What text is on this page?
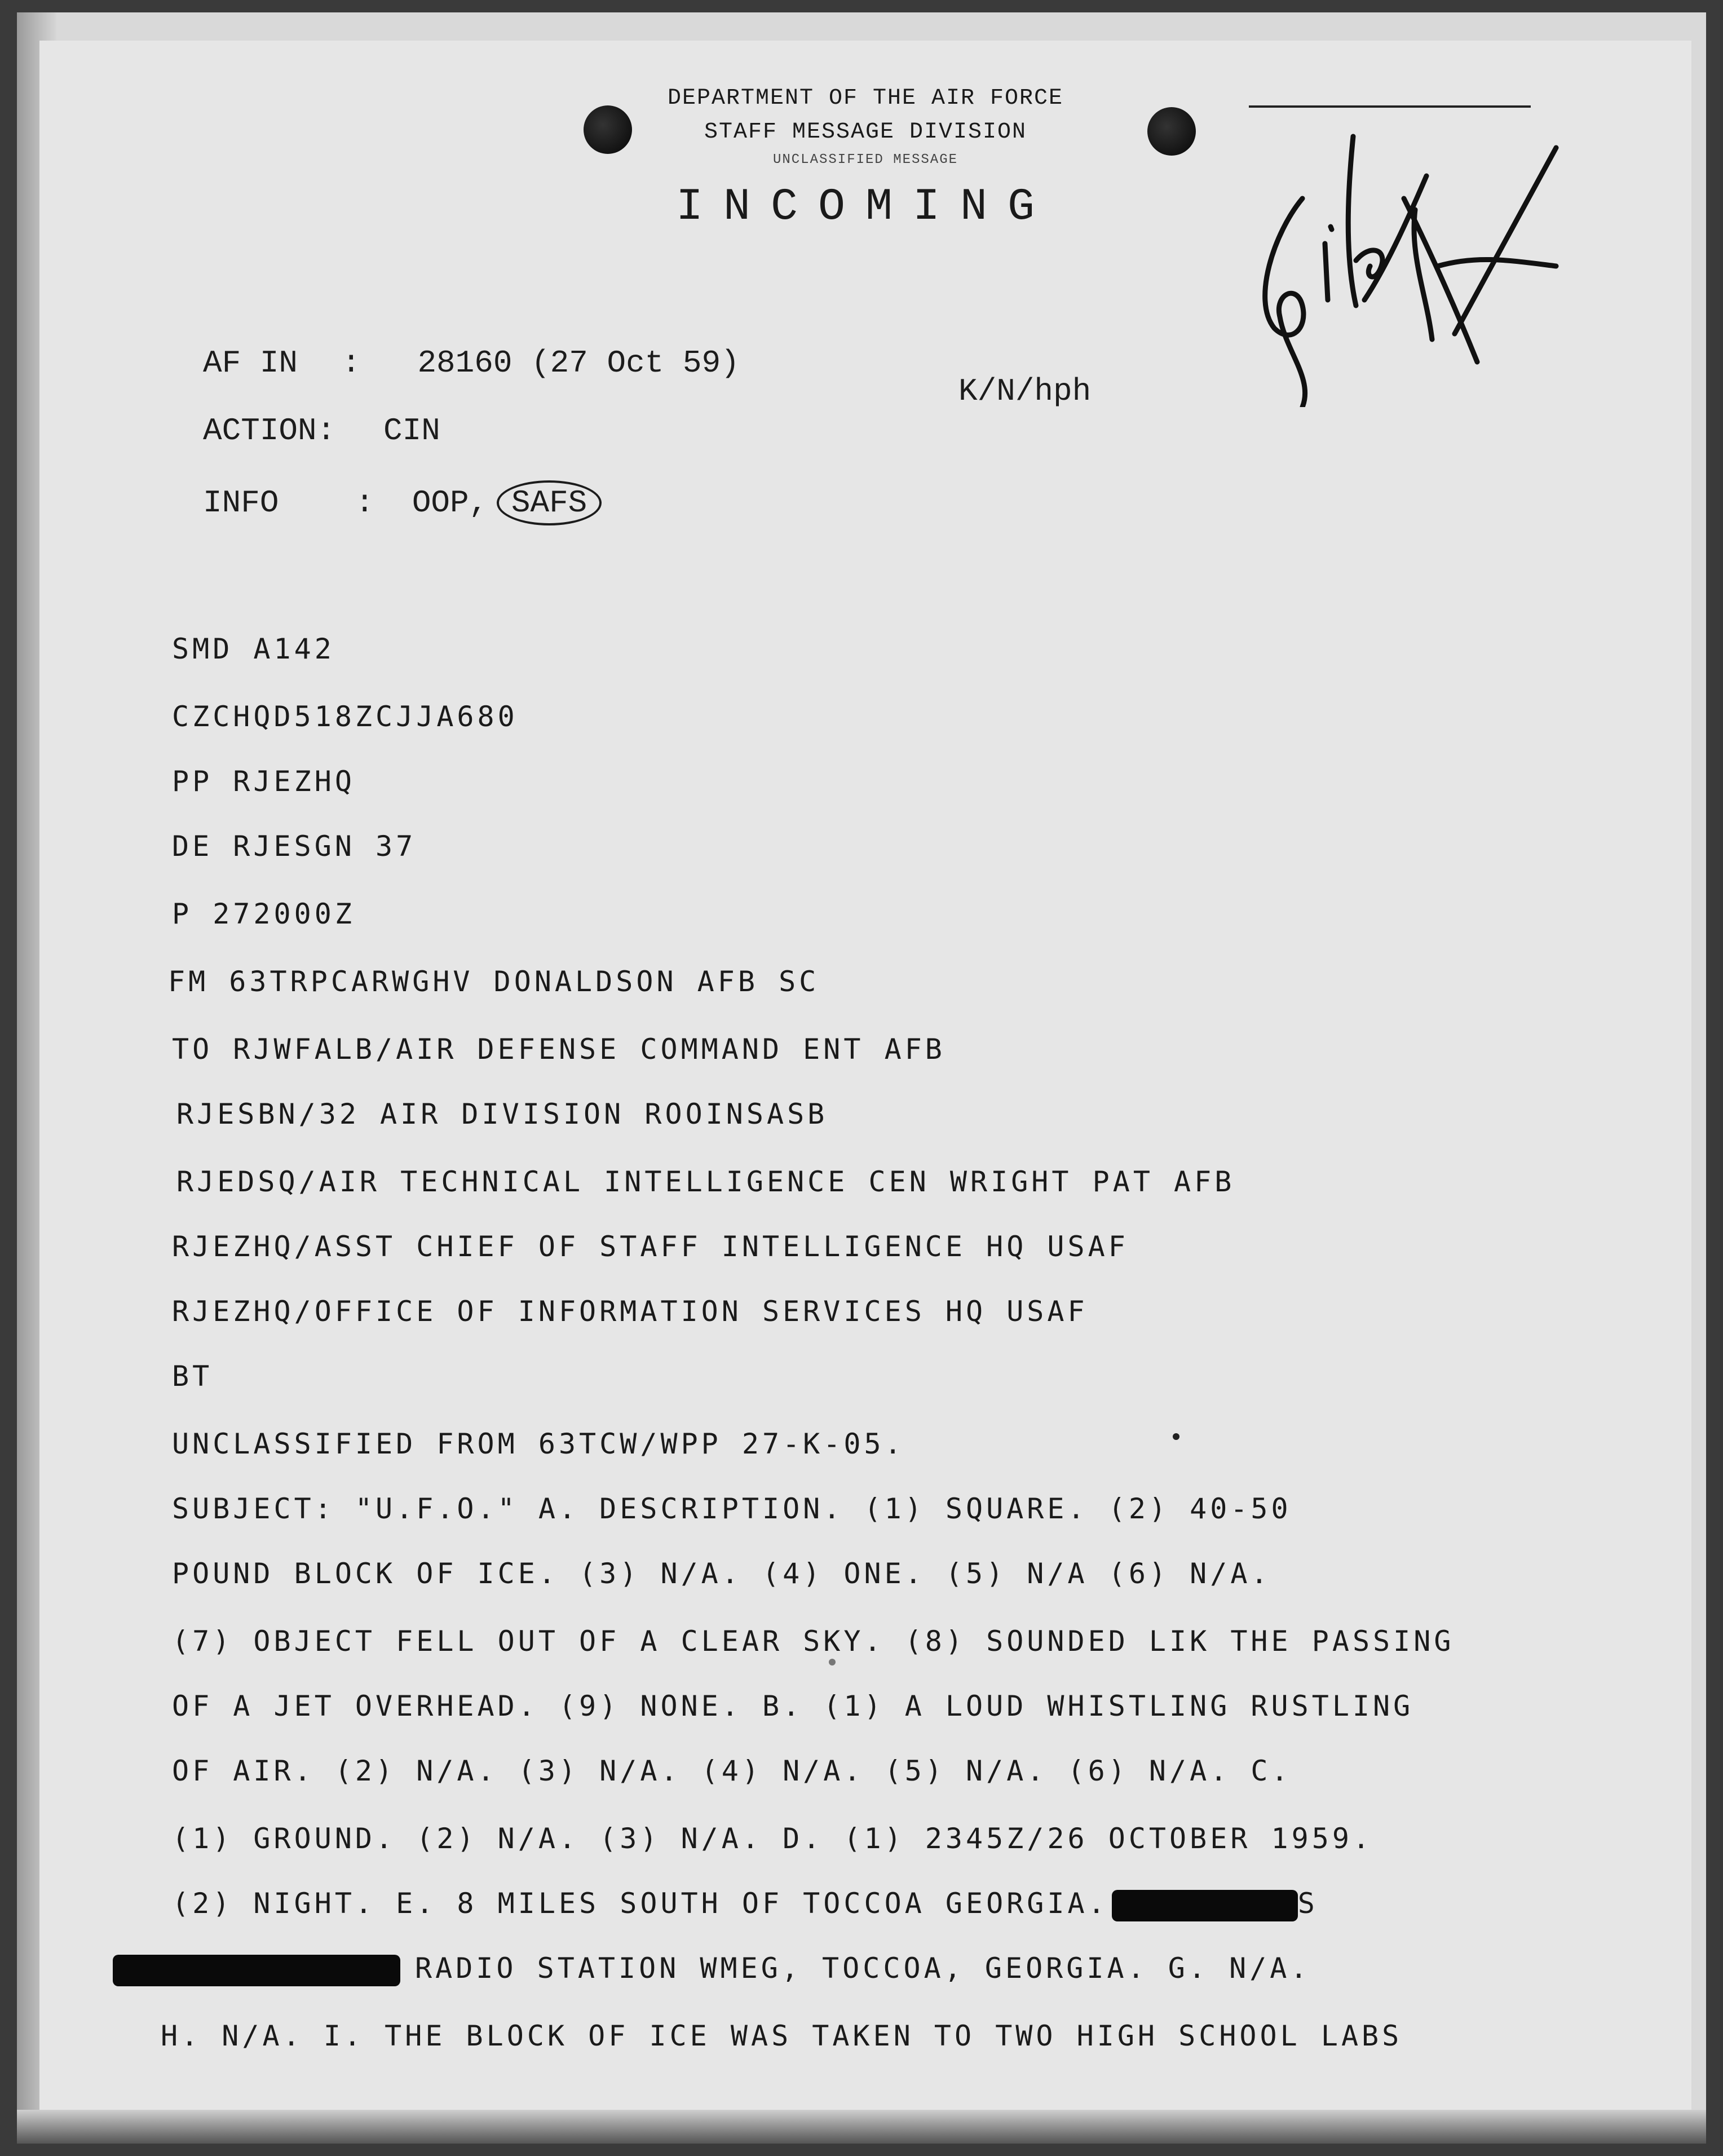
DEPARTMENT OF THE AIR FORCE
STAFF MESSAGE DIVISION
UNCLASSIFIED MESSAGE
INCOMING
AF IN : 28160 (27 Oct 59)
K/N/hph
ACTION: CIN
INFO : OOP, SAFS
SMD A142
CZCHQD518ZCJJA680
PP RJEZHQ
DE RJESGN 37
P 272000Z
FM 63TRPCARWGHV DONALDSON AFB SC
TO RJWFALB/AIR DEFENSE COMMAND ENT AFB
RJESBN/32 AIR DIVISION ROOINSASB
RJEDSQ/AIR TECHNICAL INTELLIGENCE CEN WRIGHT PAT AFB
RJEZHQ/ASST CHIEF OF STAFF INTELLIGENCE HQ USAF
RJEZHQ/OFFICE OF INFORMATION SERVICES HQ USAF
BT
UNCLASSIFIED FROM 63TCW/WPP 27-K-05.
SUBJECT: "U.F.O." A. DESCRIPTION. (1) SQUARE. (2) 40-50
POUND BLOCK OF ICE. (3) N/A. (4) ONE. (5) N/A (6) N/A.
(7) OBJECT FELL OUT OF A CLEAR SKY. (8) SOUNDED LIK THE PASSING
OF A JET OVERHEAD. (9) NONE. B. (1) A LOUD WHISTLING RUSTLING
OF AIR. (2) N/A. (3) N/A. (4) N/A. (5) N/A. (6) N/A. C.
(1) GROUND. (2) N/A. (3) N/A. D. (1) 2345Z/26 OCTOBER 1959.
(2) NIGHT. E. 8 MILES SOUTH OF TOCCOA GEORGIA.	S
RADIO STATION WMEG, TOCCOA, GEORGIA. G. N/A.
H. N/A. I. THE BLOCK OF ICE WAS TAKEN TO TWO HIGH SCHOOL LABS
